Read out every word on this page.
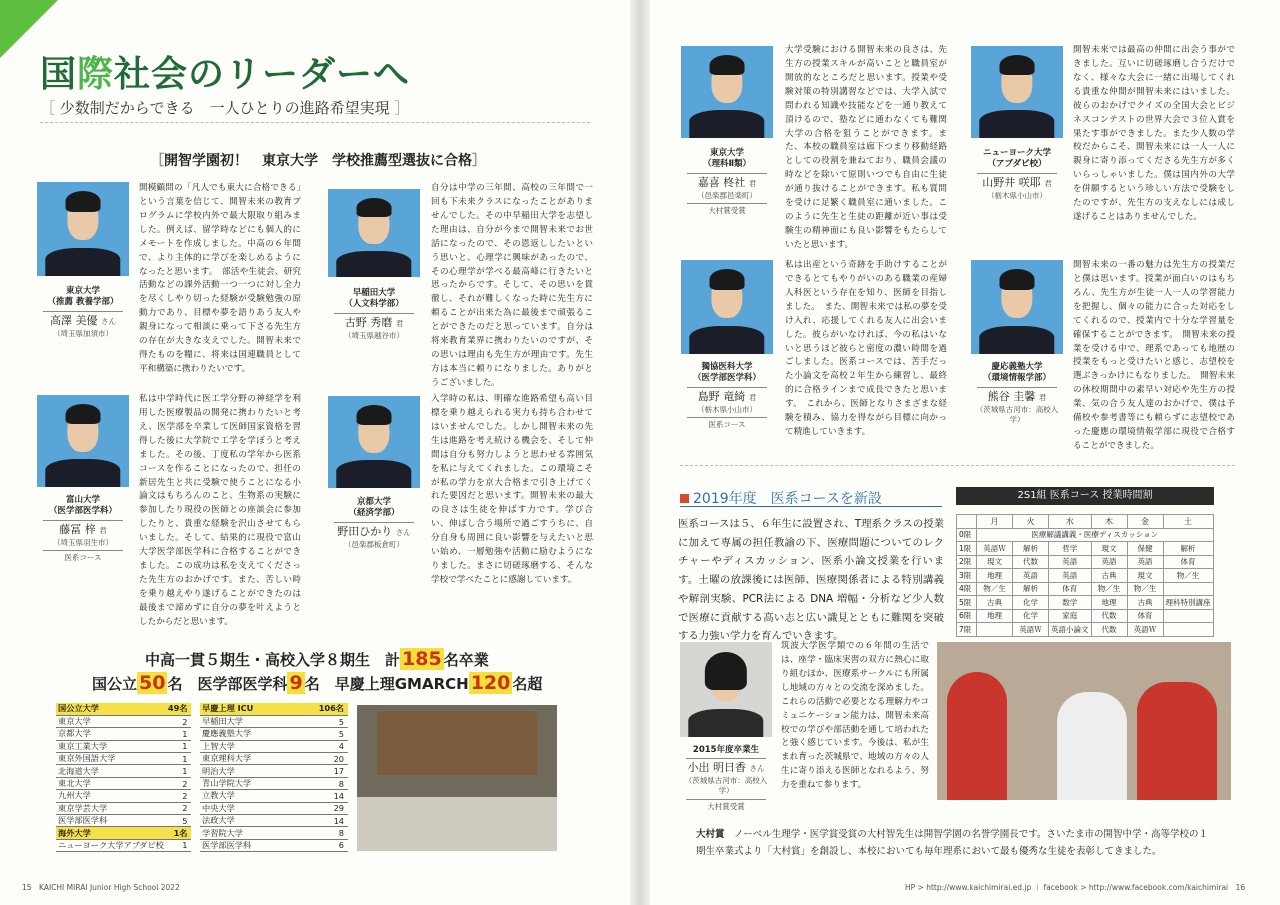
国際社会のリーダーへ
［ 少数制だからできる　一人ひとりの進路希望実現 ］
［開智学園初！　東京大学　学校推薦型選抜に合格］
東京大学
（推薦 教養学部）
高澤 美優 さん
（埼玉県加須市）
開模顧問の「凡人でも東大に合格できる」という言葉を信じて、開智未来の教育プログラムに学校内外で最大限取り組みました。例えば、留学時などにも個人的にメモートを作成しました。中高の６年間で、より主体的に学びを楽しめるようになったと思います。　部活や生徒会、研究活動などの課外活動一つ一つに対し全力を尽くしやり切った経験が受験勉強の原動力であり、目標や夢を語りあう友人や親身になって相談に乗って下さる先生方の存在が大きな支えでした。開智未来で得たものを糧に、将来は国連職員として平和構築に携わりたいです。
早稲田大学
（人文科学部）
古野 秀磨 君
（埼玉県越谷市）
自分は中学の三年間、高校の三年間で一回も下未来クラスになったことがありませんでした。その中早稲田大学を志望した理由は、自分が今まで開智未来でお世話になったので、その恩返ししたいという思いと、心理学に興味があったので、その心理学が学べる最高峰に行きたいと思ったからです。そして、その思いを貫徹し、それが難しくなった時に先生方に頼ることが出来た為に最後まで頑張ることができたのだと思っています。自分は将来教育業界に携わりたいのですが、その思いは理由も先生方が理由です。先生方は本当に頼りになりました。ありがとうございました。
富山大学
（医学部医学科）
藤冨 梓 君
（埼玉県羽生市）
医系コース
私は中学時代に医工学分野の神経学を利用した医療製品の開発に携わりたいと考え、医学部を卒業して医師国家資格を習得した後に大学院で工学を学ぼうと考えました。その後、丁度私の学年から医系コースを作ることになったので、担任の新居先生と共に受験で使うことになる小論文はもちろんのこと、生物系の実験に参加したり現役の医師との座談会に参加したりと、貴重な経験を沢山させてもらいました。そして、結果的に現役で富山大学医学部医学科に合格することができました。この成功は私を支えてくださった先生方のおかげです。また、苦しい時を乗り越えやり遂げることができたのは最後まで諦めずに自分の夢を叶えようとしたからだと思います。
京都大学
（経済学部）
野田ひかり さん
（邑楽郡板倉町）
入学時の私は、明確な進路希望も高い目標を乗り越えられる実力も持ち合わせてはいませんでした。しかし開智未来の先生は進路を考え続ける機会を、そして仲間は自分も努力しようと思わせる雰囲気を私に与えてくれました。この環境こそが私の学力を京大合格まで引き上げてくれた要因だと思います。開智未来の最大の良さは生徒を伸ばす力です。学び合い、伸ばし合う場所で過ごすうちに、自分自身も周囲に良い影響を与えたいと思い始め、一層勉強や活動に励むようになりました。まさに切磋琢磨する、そんな学校で学べたことに感謝しています。
中高一貫５期生・高校入学８期生　計 185 名卒業
国公立 50 名　医学部医学科 9 名　早慶上理GMARCH 120 名超
国公立大学	49名
東京大学	2
京都大学	1
東京工業大学	1
東京外国語大学	1
北海道大学	1
東北大学	2
九州大学	2
東京学芸大学	2
医学部医学科	5
海外大学	1名
ニューヨーク大学アブダビ校	1
早慶上理 ICU	106名
早稲田大学	5
慶應義塾大学	5
上智大学	4
東京理科大学	20
明治大学	17
青山学院大学	8
立教大学	14
中央大学	29
法政大学	14
学習院大学	8
医学部医学科	6
15　 KAICHI MIRAI Junior High School 2022
東京大学
（理科Ⅱ類）
嘉喜 柊社 君
（邑楽郡邑楽町）
大村賞受賞
大学受験における開智未来の良さは、先生方の授業スキルが高いことと職員室が開放的なところだと思います。授業や受験対策の特別講習などでは、大学入試で問われる知識や技能などを一通り教えて頂けるので、塾などに通わなくても難関大学の合格を狙うことができます。また、本校の職員室は廊下つまり移動経路としての役割を兼ねており、職員会議の時などを除いて原則いつでも自由に生徒が通り抜けることができます。私も質問を受けに足繁く職員室に通いました。このように先生と生徒の距離が近い事は受験生の精神面にも良い影響をもたらしていたと思います。
ニューヨーク大学
（アブダビ校）
山野井 咲耶 君
（栃木県小山市）
開智未来では最高の仲間に出会う事ができました。互いに切磋琢磨し合うだけでなく、様々な大会に一緒に出場してくれる貴重な仲間が開智未来にはいました。彼らのおかげでクイズの全国大会とビジネスコンテストの世界大会で３位入賞を果たす事ができました。また少人数の学校だからこそ、開智未来には一人一人に親身に寄り添ってくださる先生方が多くいらっしゃいました。僕は国内外の大学を併願するという珍しい方法で受験をしたのですが、先生方の支えなしには成し遂げることはありませんでした。
獨協医科大学
（医学部医学科）
島野 竜綺 君
（栃木県小山市）
医系コース
私は出産という奇跡を手助けすることができるとてもやりがいのある職業の産婦人科医という存在を知り、医師を目指しました。　また、開智未来では私の夢を受け入れ、応援してくれる友人に出会いました。彼らがいなければ、今の私はいないと思うほど彼らと密度の濃い時間を過ごしました。医系コースでは、苦手だった小論文を高校２年生から練習し、最終的に合格ラインまで成長できたと思います。　これから、医師となりさまざまな経験を積み、協力を得ながら目標に向かって精進していきます。
慶応義塾大学
（環境情報学部）
熊谷 圭馨 君
（茨城県古河市：高校入学）
開智未来の一番の魅力は先生方の授業だと僕は思います。授業が面白いのはもちろん、先生方が生徒一人一人の学習能力を把握し、個々の能力に合った対応をしてくれるので、授業内で十分な学習量を確保することができます。　開智未来の授業を受ける中で、理系であっても地歴の授業をもっと受けたいと感じ、志望校を選ぶきっかけにもなりました。　開智未来の休校期間中の素早い対応や先生方の授業、気の合う友人達のおかげで、僕は予備校や参考書等にも頼らずに志望校であった慶應の環境情報学部に現役で合格することができました。
2019年度　医系コースを新設
医系コースは５、６年生に設置され、T理系クラスの授業に加えて専属の担任教諭の下、医療問題についてのレクチャーやディスカッション、医系小論文授業を行います。土曜の放課後には医師、医療関係者による特別講義や解剖実験、PCR法による DNA 増幅・分析など少人数で医療に貢献する高い志と広い識見とともに難関を突破する力強い学力を育んでいきます。
2S1組 医系コース 授業時間割
	月	火	水	木	金	土
0限	医療解議講義・医療ディスカッション					
1限	英語Ｗ	解析	哲学	現文	保健	解析
2限	現文	代数	英語	英語	英語	体育
3限	地理	英語	英語	古典	現文	物／生
4限	物／生	解析	体育	物／生	物／生	
5限	古典	化学	数学	地理	古典	理科特別講座
6限	地理	化学	家庭	代数	体育	
7限		英語Ｗ	英語小論文	代数	英語Ｗ	
2015年度卒業生
小出 明日香 さん
（茨城県古河市：高校入学）
大村賞受賞
筑波大学医学類での６年間の生活では、座学・臨床実習の双方に熱心に取り組むほか、医療系サークルにも所属し地域の方々との交流を深めました。これらの活動で必要となる理解力やコミュニケーション能力は、開智未来高校での学びや部活動を通して培われたと強く感じています。今後は、私が生まれ育った茨城県で、地域の方々の人生に寄り添える医師となれるよう、努力を重ねて参ります。
大村賞　 ノーベル生理学・医学賞受賞の大村智先生は開智学園の名誉学園長です。さいたま市の開智中学・高等学校の１期生卒業式より「大村賞」を創設し、本校においても毎年理系において最も優秀な生徒を表彰してきました。
HP > http://www.kaichimirai.ed.jp ｜ facebook > http://www.facebook.com/kaichimirai　 16
